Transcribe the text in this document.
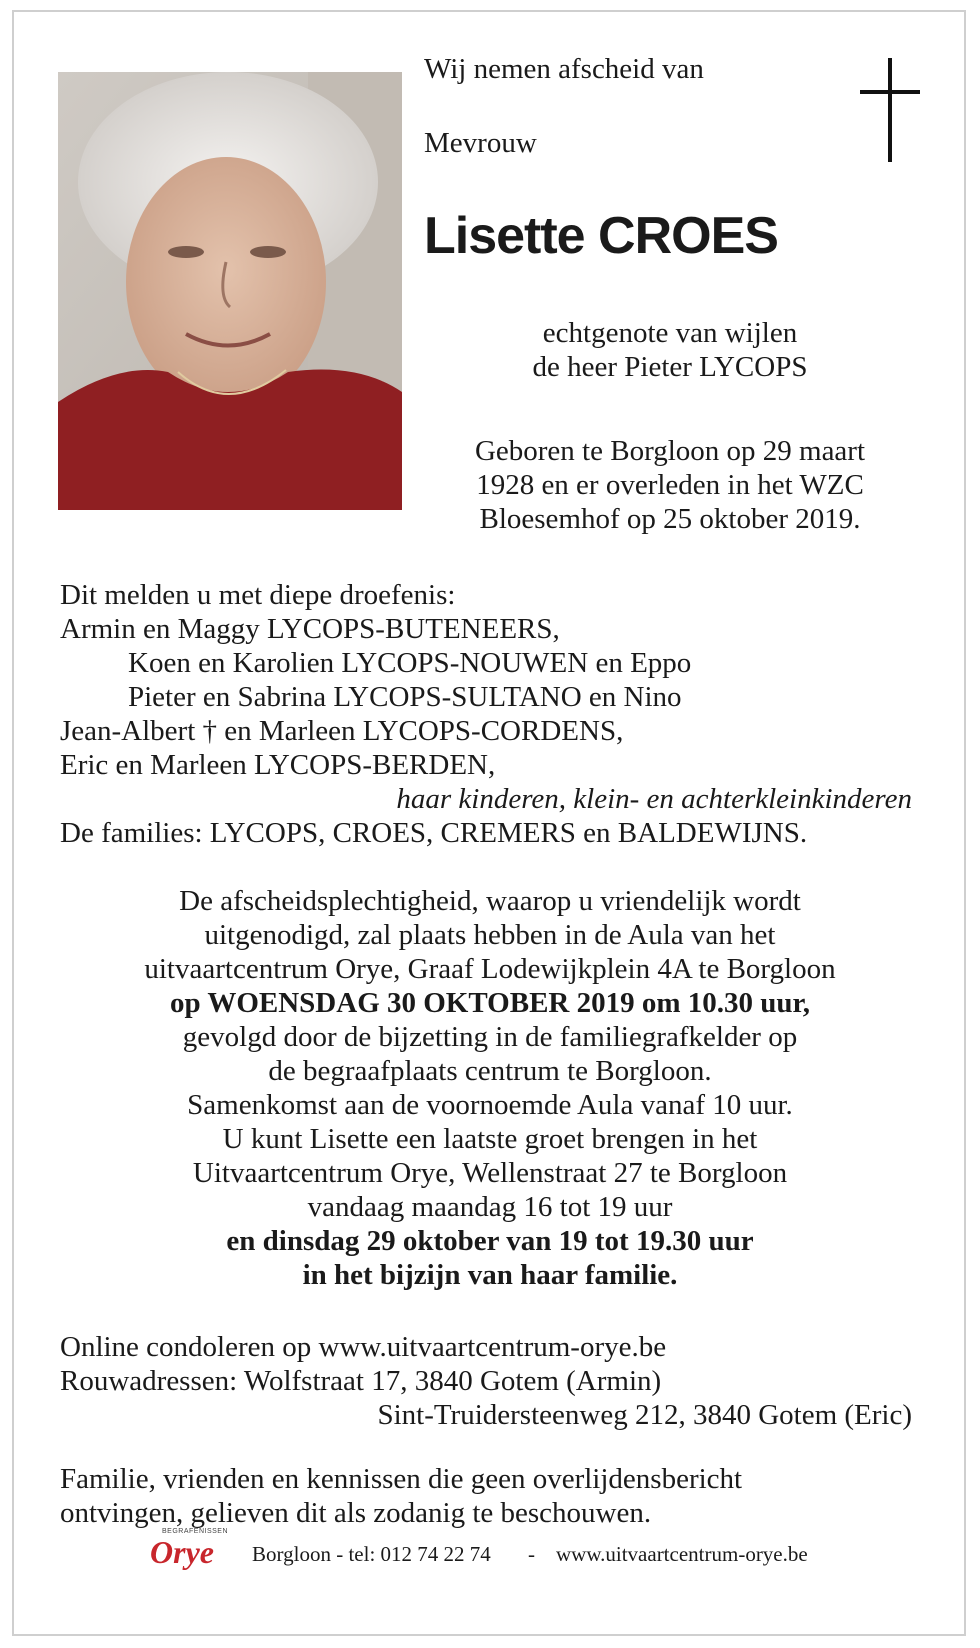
Wij nemen afscheid van
Mevrouw
Lisette CROES
echtgenote van wijlen
de heer Pieter LYCOPS
Geboren te Borgloon op 29 maart
1928 en er overleden in het WZC
Bloesemhof op 25 oktober 2019.
Dit melden u met diepe droefenis:
Armin en Maggy LYCOPS-BUTENEERS,
Koen en Karolien LYCOPS-NOUWEN en Eppo
Pieter en Sabrina LYCOPS-SULTANO en Nino
Jean-Albert † en Marleen LYCOPS-CORDENS,
Eric en Marleen LYCOPS-BERDEN,
haar kinderen, klein- en achterkleinkinderen
De families: LYCOPS, CROES, CREMERS en BALDEWIJNS.
De afscheidsplechtigheid, waarop u vriendelijk wordt
uitgenodigd, zal plaats hebben in de Aula van het
uitvaartcentrum Orye, Graaf Lodewijkplein 4A te Borgloon
op WOENSDAG 30 OKTOBER 2019 om 10.30 uur,
gevolgd door de bijzetting in de familiegrafkelder op
de begraafplaats centrum te Borgloon.
Samenkomst aan de voornoemde Aula vanaf 10 uur.
U kunt Lisette een laatste groet brengen in het
Uitvaartcentrum Orye, Wellenstraat 27 te Borgloon
vandaag maandag 16 tot 19 uur
en dinsdag 29 oktober van 19 tot 19.30 uur
in het bijzijn van haar familie.
Online condoleren op www.uitvaartcentrum-orye.be
Rouwadressen: Wolfstraat 17, 3840 Gotem (Armin)
Sint-Truidersteenweg 212, 3840 Gotem (Eric)
Familie, vrienden en kennissen die geen overlijdensbericht
ontvingen, gelieven dit als zodanig te beschouwen.
BEGRAFENISSEN
Orye Borgloon - tel: 012 74 22 74 - www.uitvaartcentrum-orye.be
